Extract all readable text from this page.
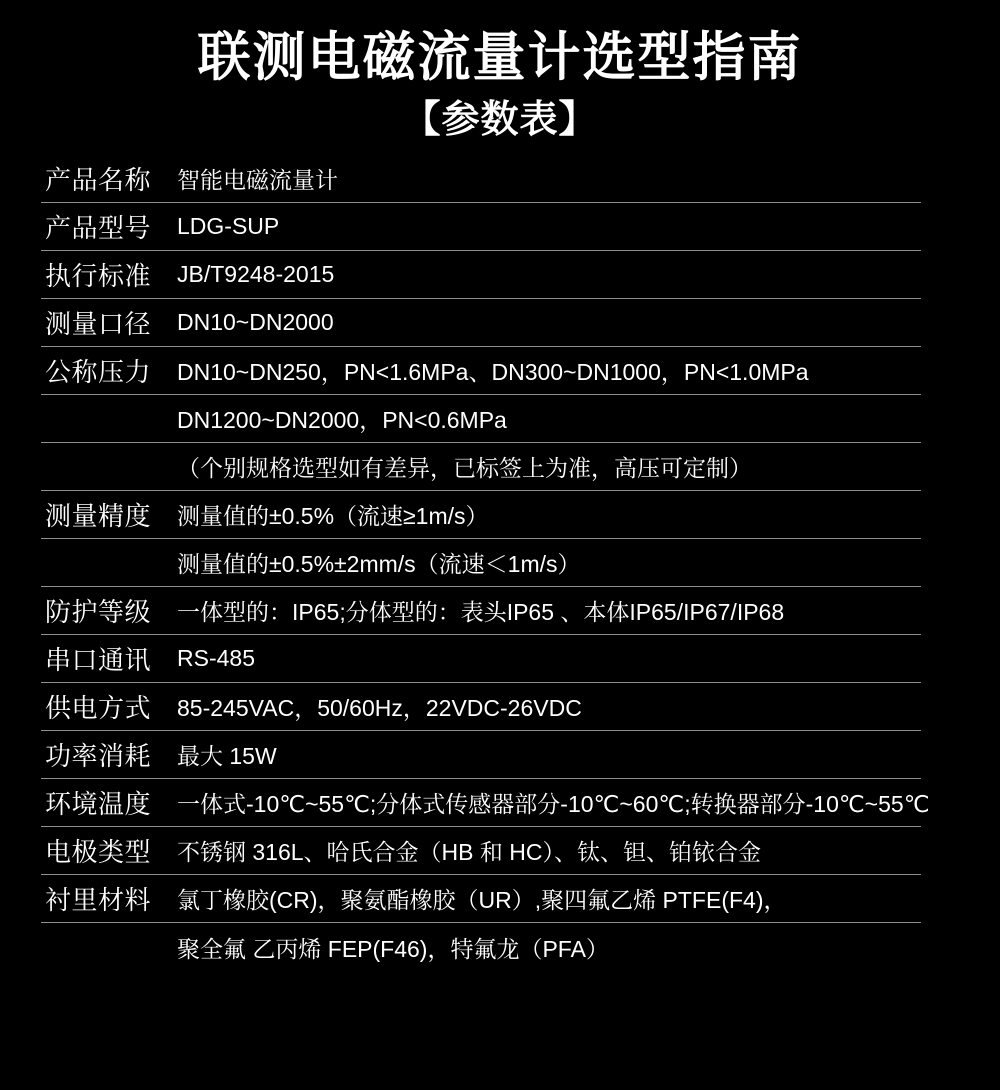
联测电磁流量计选型指南
【参数表】
产品名称	智能电磁流量计
产品型号	LDG-SUP
执行标准	JB/T9248-2015
测量口径	DN10~DN2000
公称压力	DN10~DN250，PN<1.6MPa、DN300~DN1000，PN<1.0MPa
DN1200~DN2000，PN<0.6MPa
（个别规格选型如有差异，已标签上为准，高压可定制）
测量精度	测量值的±0.5%（流速≥1m/s）
测量值的±0.5%±2mm/s（流速＜1m/s）
防护等级	一体型的：IP65;分体型的：表头IP65 、本体IP65/IP67/IP68
串口通讯	RS-485
供电方式	85-245VAC，50/60Hz，22VDC-26VDC
功率消耗	最大 15W
环境温度	一体式-10℃~55℃;分体式传感器部分-10℃~60℃;转换器部分-10℃~55℃
电极类型	不锈钢 316L、哈氏合金（HB 和 HC）、钛、钽、铂铱合金
衬里材料	氯丁橡胶(CR)，聚氨酯橡胶（UR）,聚四氟乙烯 PTFE(F4)，
聚全氟 乙丙烯 FEP(F46)，特氟龙（PFA）
